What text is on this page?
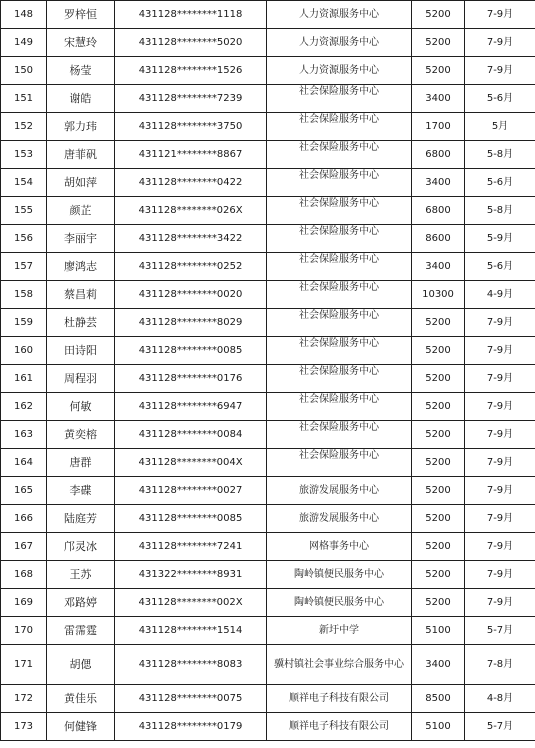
148	罗梓恒	431128********1118	人力资源服务中心	5200	7-9月
149	宋慧玲	431128********5020	人力资源服务中心	5200	7-9月
150	杨莹	431128********1526	人力资源服务中心	5200	7-9月
151	谢皓	431128********7239	社会保险服务中心	3400	5-6月
152	郭力玮	431128********3750	社会保险服务中心	1700	5月
153	唐菲矾	431121********8867	社会保险服务中心	6800	5-8月
154	胡如萍	431128********0422	社会保险服务中心	3400	5-6月
155	颜芷	431128********026X	社会保险服务中心	6800	5-8月
156	李丽宇	431128********3422	社会保险服务中心	8600	5-9月
157	廖鸿志	431128********0252	社会保险服务中心	3400	5-6月
158	蔡昌莉	431128********0020	社会保险服务中心	10300	4-9月
159	杜静芸	431128********8029	社会保险服务中心	5200	7-9月
160	田诗阳	431128********0085	社会保险服务中心	5200	7-9月
161	周程羽	431128********0176	社会保险服务中心	5200	7-9月
162	何敏	431128********6947	社会保险服务中心	5200	7-9月
163	黄奕榕	431128********0084	社会保险服务中心	5200	7-9月
164	唐群	431128********004X	社会保险服务中心	5200	7-9月
165	李碟	431128********0027	旅游发展服务中心	5200	7-9月
166	陆庭芳	431128********0085	旅游发展服务中心	5200	7-9月
167	邝灵冰	431128********7241	网格事务中心	5200	7-9月
168	王苏	431322********8931	陶岭镇便民服务中心	5200	7-9月
169	邓路婷	431128********002X	陶岭镇便民服务中心	5200	7-9月
170	雷霈霆	431128********1514	新圩中学	5100	5-7月
171	胡偲	431128********8083	骥村镇社会事业综合服务中心	3400	7-8月
172	黄佳乐	431128********0075	顺祥电子科技有限公司	8500	4-8月
173	何健锋	431128********0179	顺祥电子科技有限公司	5100	5-7月
